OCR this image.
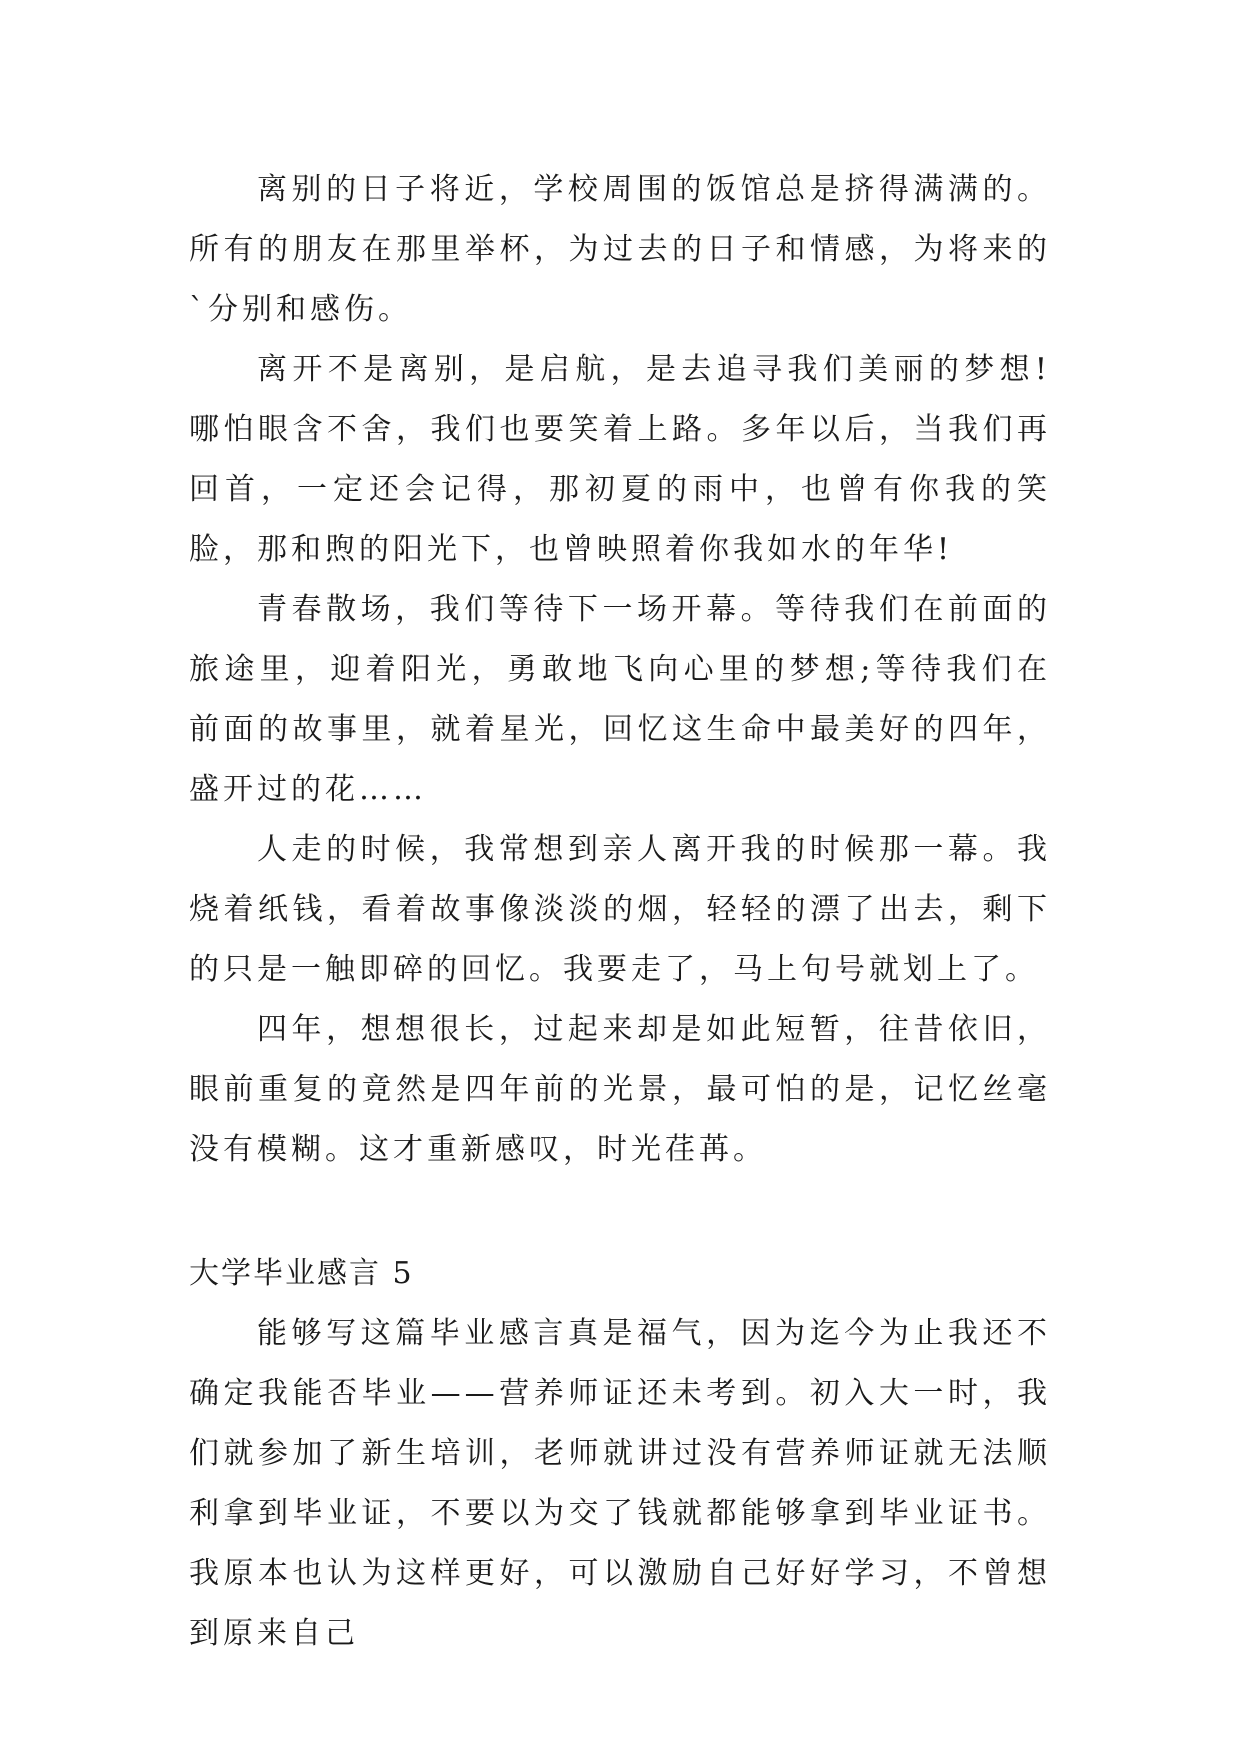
离别的日子将近，学校周围的饭馆总是挤得满满的。所有的朋友在那里举杯，为过去的日子和情感，为将来的`分别和感伤。

离开不是离别，是启航，是去追寻我们美丽的梦想!哪怕眼含不舍，我们也要笑着上路。多年以后，当我们再回首，一定还会记得，那初夏的雨中，也曾有你我的笑脸，那和煦的阳光下，也曾映照着你我如水的年华!

青春散场，我们等待下一场开幕。等待我们在前面的旅途里，迎着阳光，勇敢地飞向心里的梦想;等待我们在前面的故事里，就着星光，回忆这生命中最美好的四年，盛开过的花……

人走的时候，我常想到亲人离开我的时候那一幕。我烧着纸钱，看着故事像淡淡的烟，轻轻的漂了出去，剩下的只是一触即碎的回忆。我要走了，马上句号就划上了。

四年，想想很长，过起来却是如此短暂，往昔依旧，眼前重复的竟然是四年前的光景，最可怕的是，记忆丝毫没有模糊。这才重新感叹，时光荏苒。

大学毕业感言 5

能够写这篇毕业感言真是福气，因为迄今为止我还不确定我能否毕业——营养师证还未考到。初入大一时，我们就参加了新生培训，老师就讲过没有营养师证就无法顺利拿到毕业证，不要以为交了钱就都能够拿到毕业证书。我原本也认为这样更好，可以激励自己好好学习，不曾想到原来自己
